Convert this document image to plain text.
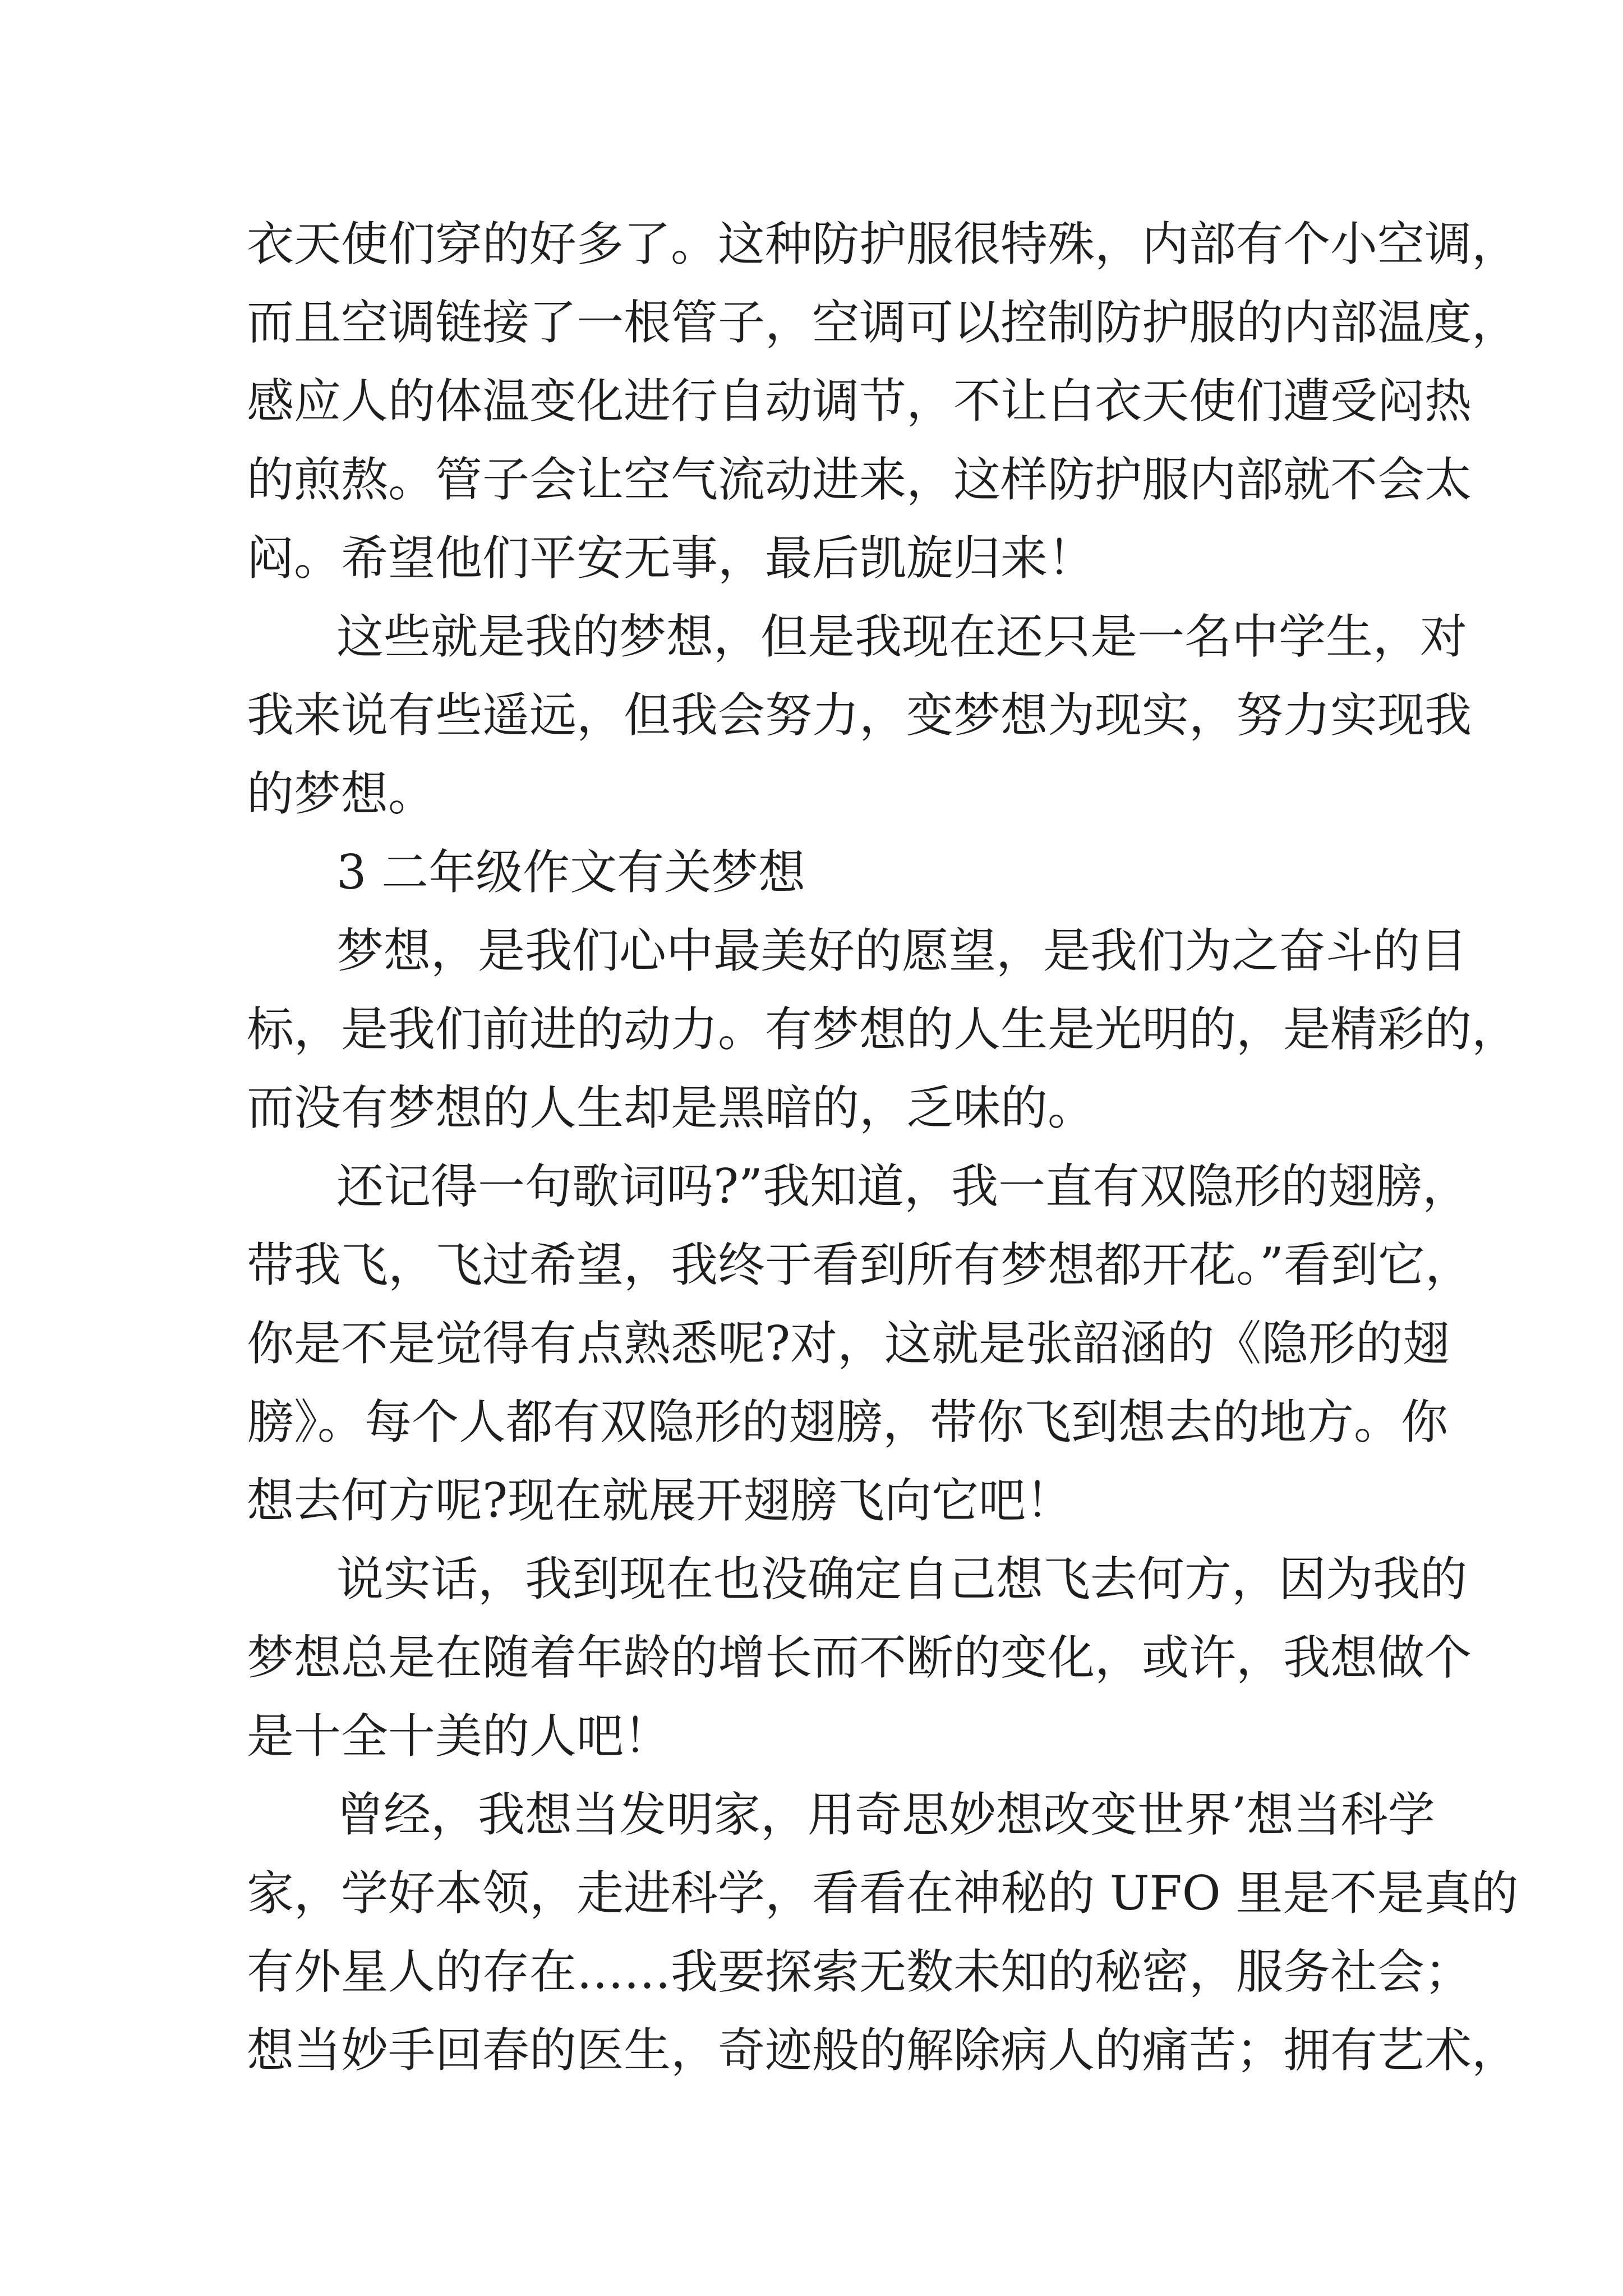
衣天使们穿的好多了。这种防护服很特殊，内部有个小空调，

而且空调链接了一根管子，空调可以控制防护服的内部温度，

感应人的体温变化进行自动调节，不让白衣天使们遭受闷热

的煎熬。管子会让空气流动进来，这样防护服内部就不会太

闷。希望他们平安无事，最后凯旋归来！

这些就是我的梦想，但是我现在还只是一名中学生，对

我来说有些遥远，但我会努力，变梦想为现实，努力实现我

的梦想。

3 二年级作文有关梦想

梦想，是我们心中最美好的愿望，是我们为之奋斗的目

标，是我们前进的动力。有梦想的人生是光明的，是精彩的，

而没有梦想的人生却是黑暗的，乏味的。

还记得一句歌词吗?”我知道，我一直有双隐形的翅膀，

带我飞，飞过希望，我终于看到所有梦想都开花。”看到它，

你是不是觉得有点熟悉呢?对，这就是张韶涵的《隐形的翅

膀》。每个人都有双隐形的翅膀，带你飞到想去的地方。你

想去何方呢?现在就展开翅膀飞向它吧！

说实话，我到现在也没确定自己想飞去何方，因为我的

梦想总是在随着年龄的增长而不断的变化，或许，我想做个

是十全十美的人吧！

曾经，我想当发明家，用奇思妙想改变世界’想当科学

家，学好本领，走进科学，看看在神秘的 UFO 里是不是真的

有外星人的存在……我要探索无数未知的秘密，服务社会；

想当妙手回春的医生，奇迹般的解除病人的痛苦；拥有艺术，
